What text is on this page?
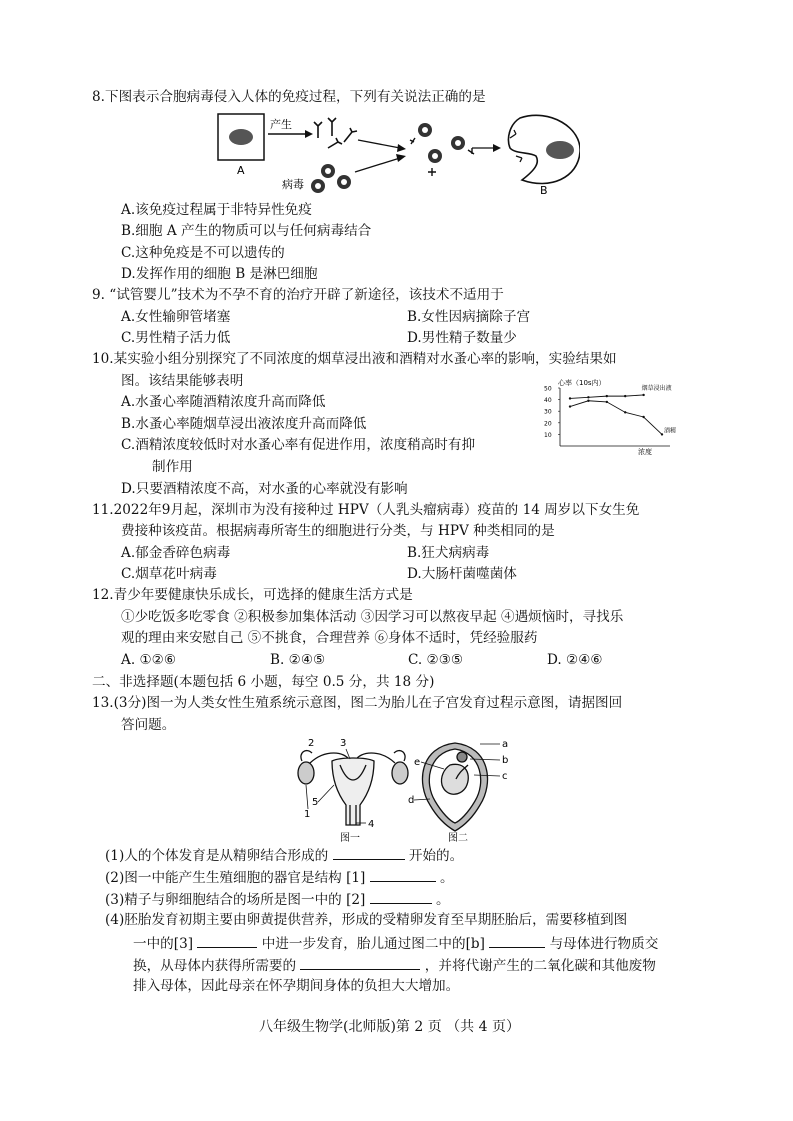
8.下图表示合胞病毒侵入人体的免疫过程，下列有关说法正确的是
A
产生
病毒	B
A.该免疫过程属于非特异性免疫
B.细胞 A 产生的物质可以与任何病毒结合
C.这种免疫是不可以遗传的
D.发挥作用的细胞 B 是淋巴细胞
9. “试管婴儿”技术为不孕不育的治疗开辟了新途径，该技术不适用于
A.女性输卵管堵塞	B.女性因病摘除子宫
C.男性精子活力低	D.男性精子数量少
10.某实验小组分别探究了不同浓度的烟草浸出液和酒精对水蚤心率的影响，实验结果如
图。该结果能够表明
A.水蚤心率随酒精浓度升高而降低
B.水蚤心率随烟草浸出液浓度升高而降低
C.酒精浓度较低时对水蚤心率有促进作用，浓度稍高时有抑
制作用
D.只要酒精浓度不高，对水蚤的心率就没有影响
心率（10s内）
浓度
50
40
30
20
10
烟草浸出液
酒精
11.2022年9月起，深圳市为没有接种过 HPV（人乳头瘤病毒）疫苗的 14 周岁以下女生免
费接种该疫苗。根据病毒所寄生的细胞进行分类，与 HPV 种类相同的是
A.郁金香碎色病毒	B.狂犬病病毒
C.烟草花叶病毒	D.大肠杆菌噬菌体
12.青少年要健康快乐成长，可选择的健康生活方式是
①少吃饭多吃零食 ②积极参加集体活动 ③因学习可以熬夜早起 ④遇烦恼时，寻找乐
观的理由来安慰自己 ⑤不挑食，合理营养 ⑥身体不适时，凭经验服药
A. ①②⑥	B. ②④⑤	C. ②③⑤	D. ②④⑥
二、非选择题(本题包括 6 小题，每空 0.5 分，共 18 分)
13.(3分)图一为人类女性生殖系统示意图，图二为胎儿在子宫发育过程示意图，请据图回
答问题。
2	3
5
1
4
图一
a
b
c
d
e
图二
(1)人的个体发育是从精卵结合形成的	开始的。
(2)图一中能产生生殖细胞的器官是结构 [1]	。
(3)精子与卵细胞结合的场所是图一中的 [2]	。
(4)胚胎发育初期主要由卵黄提供营养，形成的受精卵发育至早期胚胎后，需要移植到图
一中的[3]	中进一步发育，胎儿通过图二中的[b]	与母体进行物质交
换，从母体内获得所需要的	，并将代谢产生的二氧化碳和其他废物
排入母体，因此母亲在怀孕期间身体的负担大大增加。
八年级生物学(北师版)第 2 页 （共 4 页）
